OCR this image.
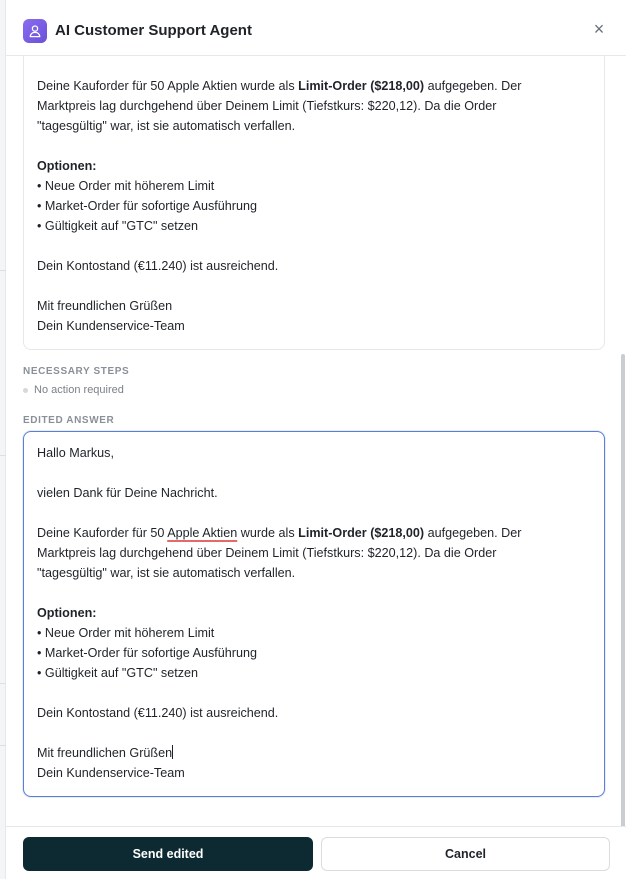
AI Customer Support Agent	×
Deine Kauforder für 50 Apple Aktien wurde als Limit-Order ($218,00) aufgegeben. Der
Marktpreis lag durchgehend über Deinem Limit (Tiefstkurs: $220,12). Da die Order
"tagesgültig" war, ist sie automatisch verfallen.
Optionen:
• Neue Order mit höherem Limit
• Market-Order für sofortige Ausführung
• Gültigkeit auf "GTC" setzen
Dein Kontostand (€11.240) ist ausreichend.
Mit freundlichen Grüßen
Dein Kundenservice-Team
NECESSARY STEPS
No action required
EDITED ANSWER
Hallo Markus,
vielen Dank für Deine Nachricht.
Deine Kauforder für 50 Apple Aktien wurde als Limit-Order ($218,00) aufgegeben. Der
Marktpreis lag durchgehend über Deinem Limit (Tiefstkurs: $220,12). Da die Order
"tagesgültig" war, ist sie automatisch verfallen.
Optionen:
• Neue Order mit höherem Limit
• Market-Order für sofortige Ausführung
• Gültigkeit auf "GTC" setzen
Dein Kontostand (€11.240) ist ausreichend.
Mit freundlichen Grüßen
Dein Kundenservice-Team
Send edited	Cancel
